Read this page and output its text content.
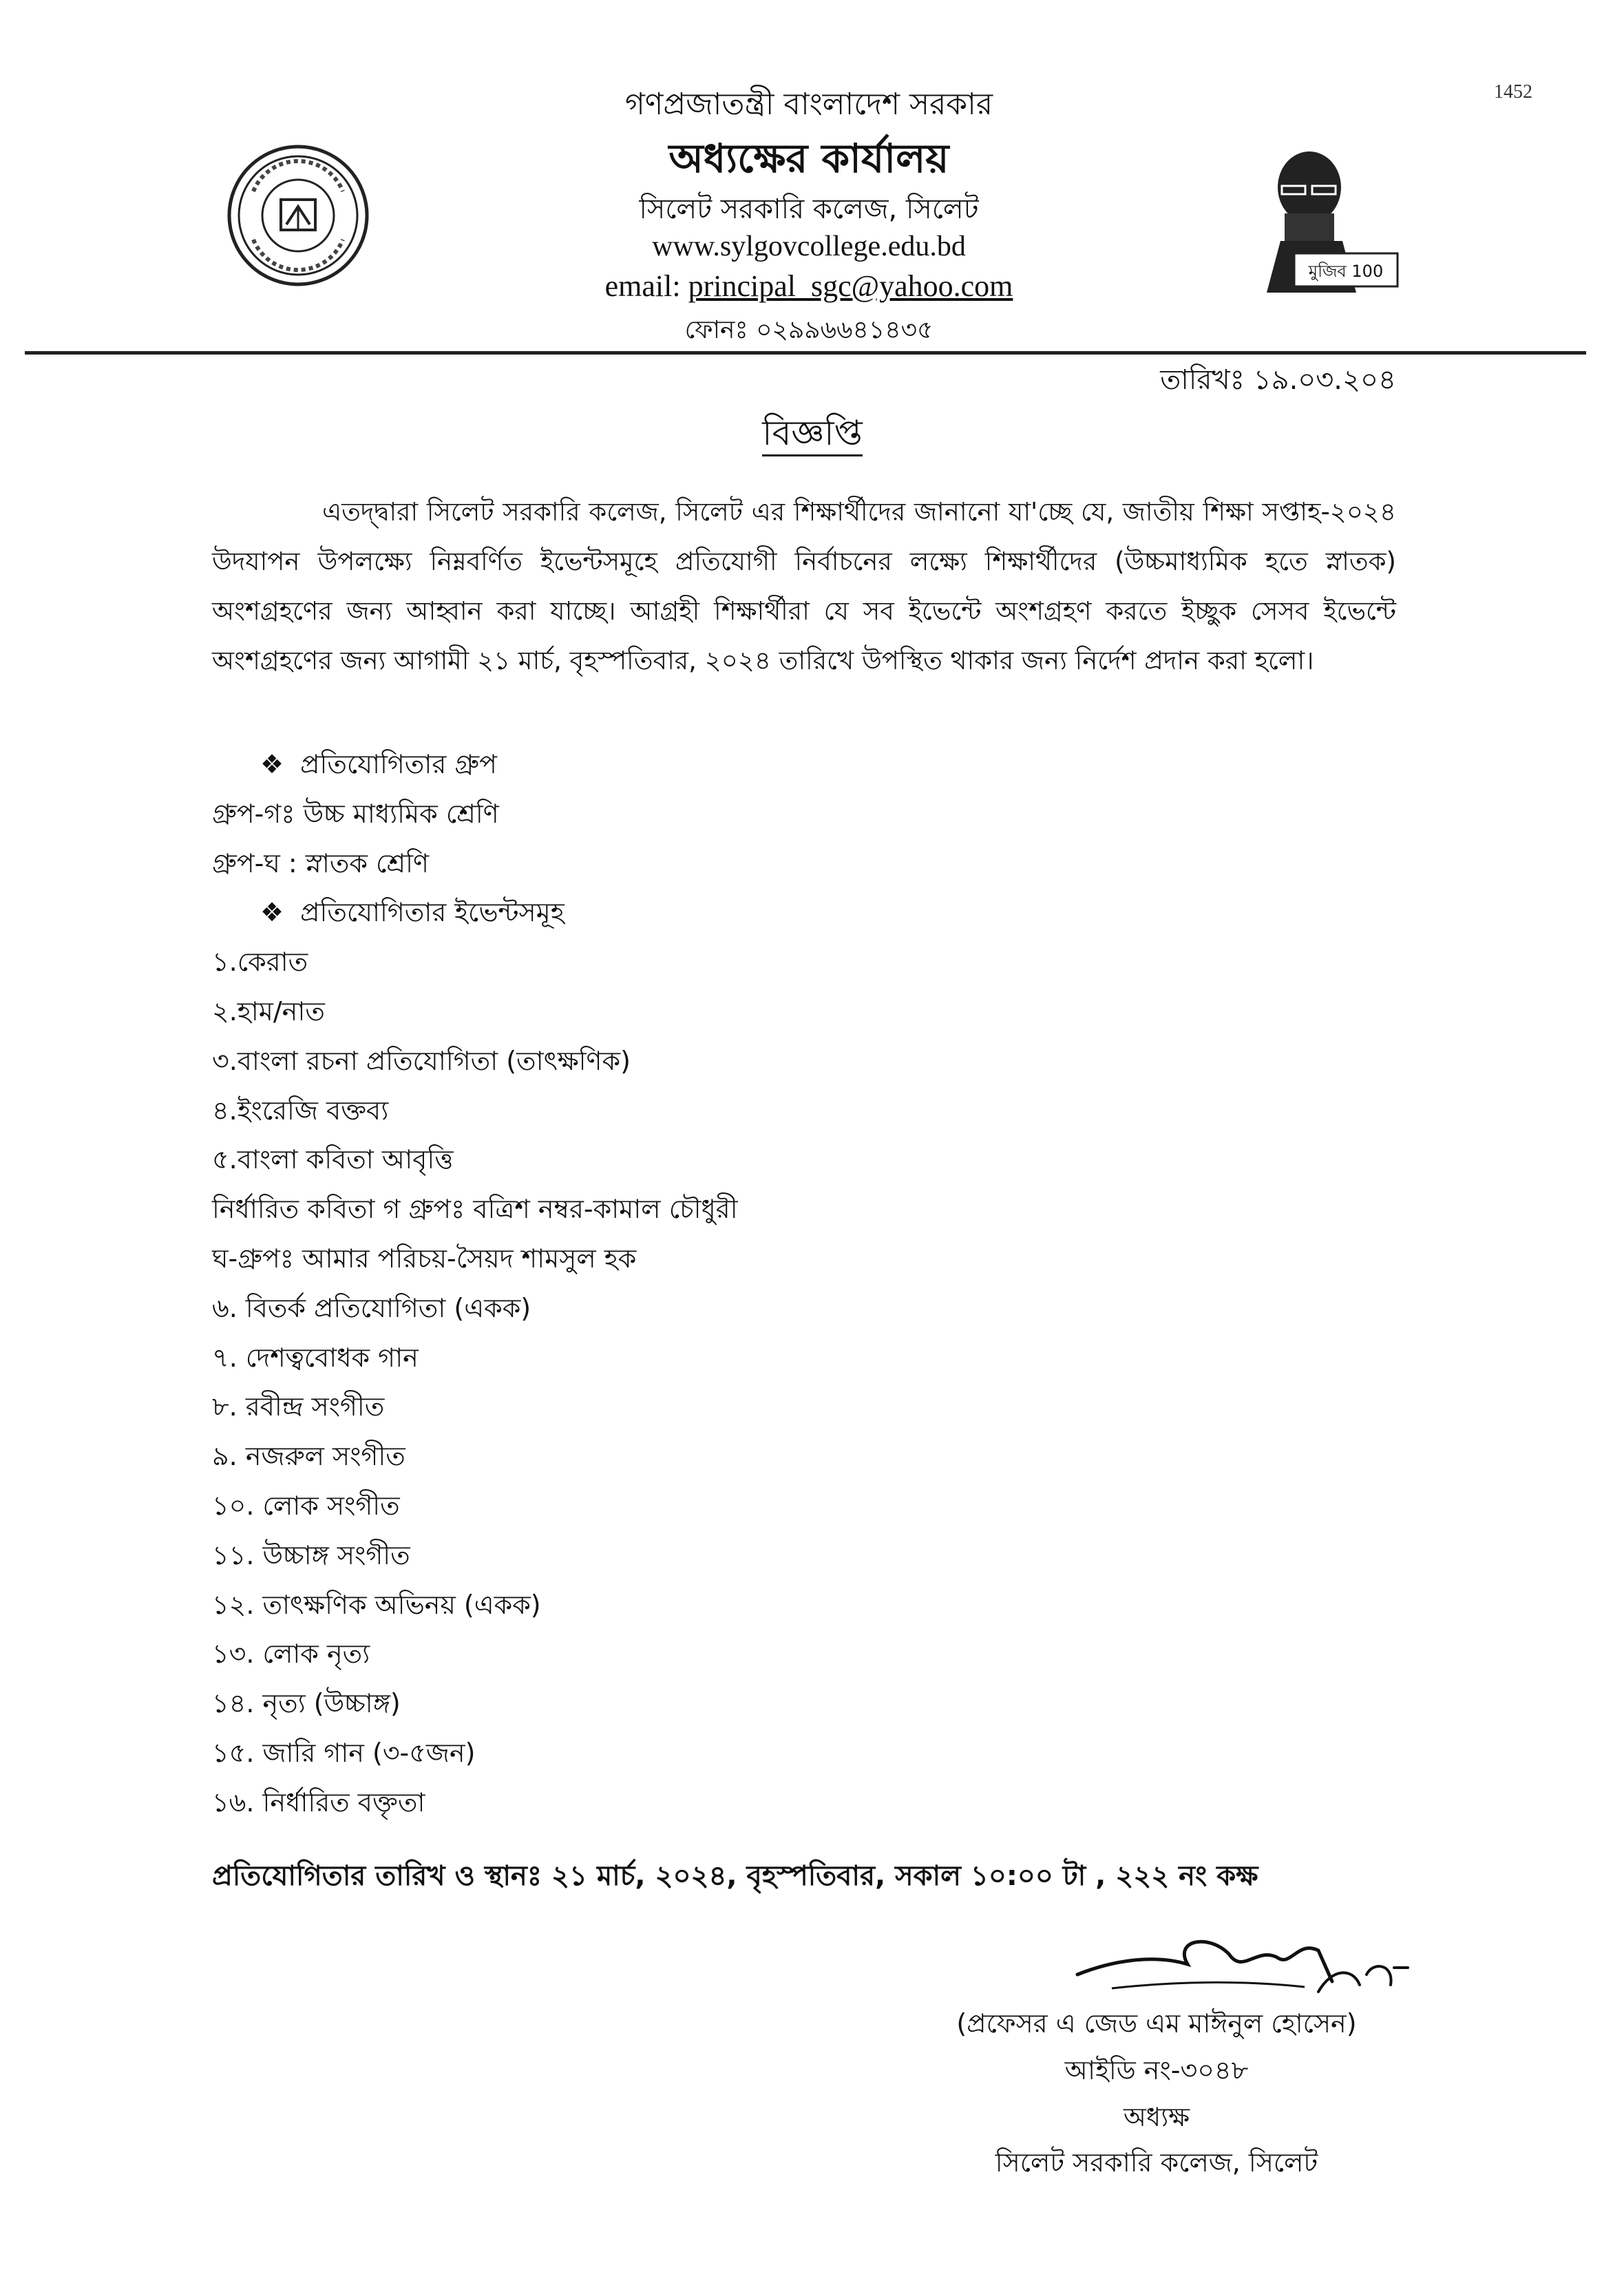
1452
গণপ্রজাতন্ত্রী বাংলাদেশ সরকার
অধ্যক্ষের কার্যালয়
সিলেট সরকারি কলেজ, সিলেট
www.sylgovcollege.edu.bd
email: principal_sgc@yahoo.com
ফোনঃ ০২৯৯৬৬৪১৪৩৫
মুজিব 100
তারিখঃ ১৯.০৩.২০৪
বিজ্ঞপ্তি
এতদ্দ্বারা সিলেট সরকারি কলেজ, সিলেট এর শিক্ষার্থীদের জানানো যা'চ্ছে যে, জাতীয় শিক্ষা সপ্তাহ-২০২৪ উদযাপন উপলক্ষ্যে নিম্নবর্ণিত ইভেন্টসমূহে প্রতিযোগী নির্বাচনের লক্ষ্যে শিক্ষার্থীদের (উচ্চমাধ্যমিক হতে স্নাতক) অংশগ্রহণের জন্য আহ্বান করা যাচ্ছে। আগ্রহী শিক্ষার্থীরা যে সব ইভেন্টে অংশগ্রহণ করতে ইচ্ছুক সেসব ইভেন্টে অংশগ্রহণের জন্য আগামী ২১ মার্চ, বৃহস্পতিবার, ২০২৪ তারিখে উপস্থিত থাকার জন্য নির্দেশ প্রদান করা হলো।
❖ প্রতিযোগিতার গ্রুপ
গ্রুপ-গঃ উচ্চ মাধ্যমিক শ্রেণি
গ্রুপ-ঘ : স্নাতক শ্রেণি
❖ প্রতিযোগিতার ইভেন্টসমূহ
১.কেরাত
২.হাম/নাত
৩.বাংলা রচনা প্রতিযোগিতা (তাৎক্ষণিক)
৪.ইংরেজি বক্তব্য
৫.বাংলা কবিতা আবৃত্তি
নির্ধারিত কবিতা গ গ্রুপঃ বত্রিশ নম্বর-কামাল চৌধুরী
ঘ-গ্রুপঃ আমার পরিচয়-সৈয়দ শামসুল হক
৬. বিতর্ক প্রতিযোগিতা (একক)
৭. দেশত্ববোধক গান
৮. রবীন্দ্র সংগীত
৯. নজরুল সংগীত
১০. লোক সংগীত
১১. উচ্চাঙ্গ সংগীত
১২. তাৎক্ষণিক অভিনয় (একক)
১৩. লোক নৃত্য
১৪. নৃত্য (উচ্চাঙ্গ)
১৫. জারি গান (৩-৫জন)
১৬. নির্ধারিত বক্তৃতা
প্রতিযোগিতার তারিখ ও স্থানঃ ২১ মার্চ, ২০২৪, বৃহস্পতিবার, সকাল ১০:০০ টা , ২২২ নং কক্ষ
(প্রফেসর এ জেড এম মাঈনুল হোসেন)
আইডি নং-৩০৪৮
অধ্যক্ষ
সিলেট সরকারি কলেজ, সিলেট
